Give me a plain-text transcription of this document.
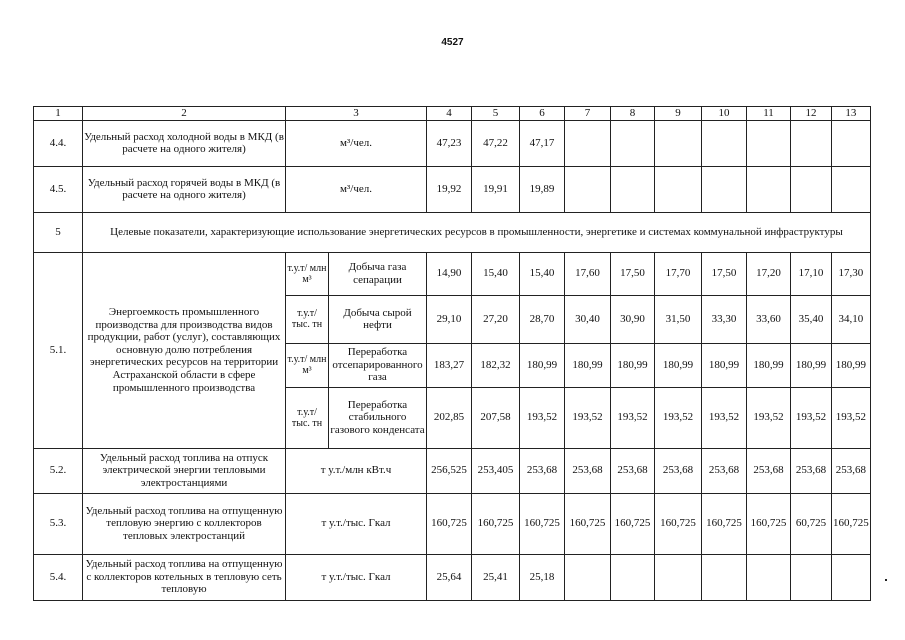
4527
1	2	3		4	5	6	7	8	9	10	11	12	13
4.4.	Удельный расход холодной воды в МКД (в расчете на одного жителя)	м³/чел.		47,23	47,22	47,17							
4.5.	Удельный расход горячей воды в МКД (в расчете на одного жителя)	м³/чел.		19,92	19,91	19,89							
5	Целевые показатели, характеризующие использование энергетических ресурсов в промышленности, энергетике и системах коммунальной инфраструктуры												
5.1.	Энергоемкость промышленного производства для производства видов продукции, работ (услуг), составляющих основную долю потребления энергетических ресурсов на территории Астраханской области в сфере промышленного производства	т.у.т/ млн м³	Добыча газа сепарации	14,90	15,40	15,40	17,60	17,50	17,70	17,50	17,20	17,10	17,30
		т.у.т/ тыс. тн	Добыча сырой нефти	29,10	27,20	28,70	30,40	30,90	31,50	33,30	33,60	35,40	34,10
		т.у.т/ млн м³	Переработка отсепарированного газа	183,27	182,32	180,99	180,99	180,99	180,99	180,99	180,99	180,99	180,99
		т.у.т/ тыс. тн	Переработка стабильного газового конденсата	202,85	207,58	193,52	193,52	193,52	193,52	193,52	193,52	193,52	193,52
5.2.	Удельный расход топлива на отпуск электрической энергии тепловыми электростанциями	т у.т./млн кВт.ч		256,525	253,405	253,68	253,68	253,68	253,68	253,68	253,68	253,68	253,68
5.3.	Удельный расход топлива на отпущенную тепловую энергию с коллекторов тепловых электростанций	т у.т./тыс. Гкал		160,725	160,725	160,725	160,725	160,725	160,725	160,725	160,725	60,725	160,725
5.4.	Удельный расход топлива на отпущенную с коллекторов котельных в тепловую сеть тепловую	т у.т./тыс. Гкал		25,64	25,41	25,18							
